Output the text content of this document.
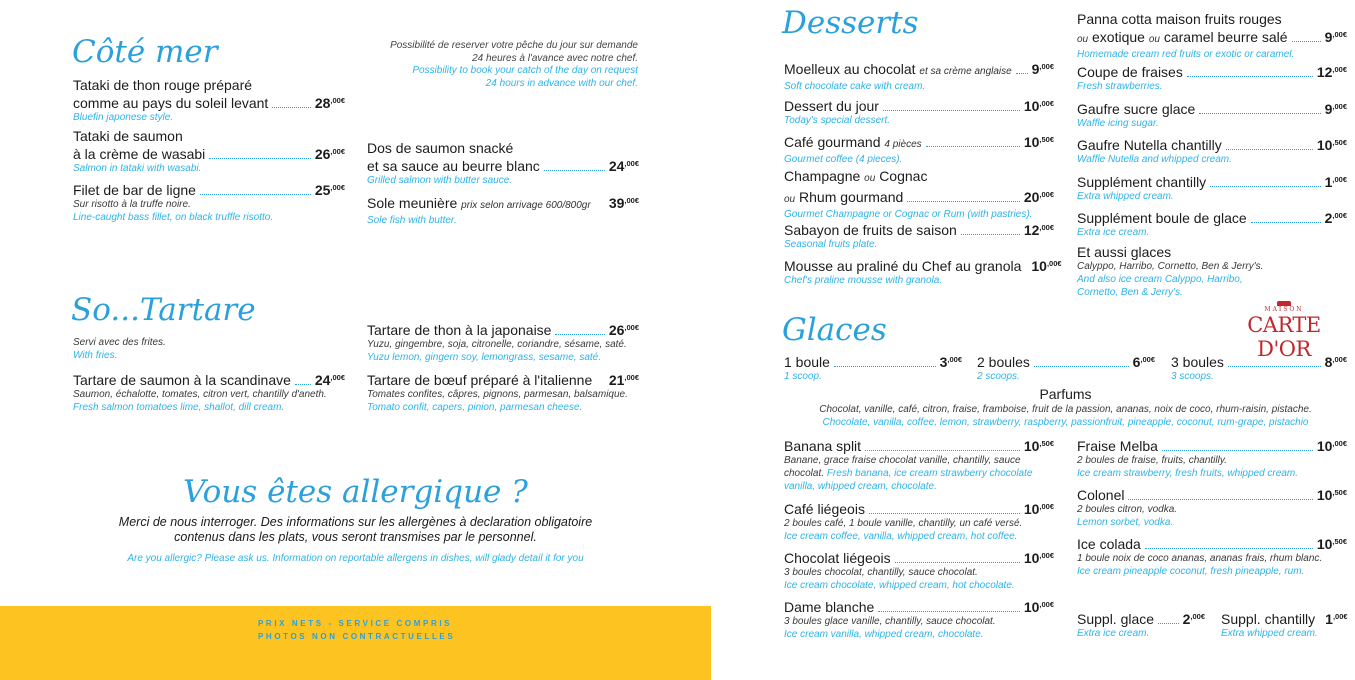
Côté mer	Possibilité de reserver votre pêche du jour sur demande
24 heures à l'avance avec notre chef.
Possibility to book your catch of the day on request
24 hours in advance with our chef.
Tataki de thon rouge préparé
comme au pays du soleil levant	$28^{,00€}$
Bluefin japonese style.
Tataki de saumon
à la crème de wasabi	$26^{,00€}$
Salmon in tataki with wasabi.
Filet de bar de ligne	$25^{,00€}$
Sur risotto à la truffe noire.
Line-caught bass fillet, on black truffle risotto.
Dos de saumon snacké
et sa sauce au beurre blanc	$24^{,00€}$
Grilled salmon with butter sauce.
Sole meunière prix selon arrivage 600/800gr $39^{,00€}$
Sole fish with butter.
So...Tartare
Servi avec des frites.
With fries.
Tartare de saumon à la scandinave $24^{,00€}$
Saumon, échalotte, tomates, citron vert, chantilly d'aneth.
Fresh salmon tomatoes lime, shallot, dill cream.
Tartare de thon à la japonaise	$26^{,00€}$
Yuzu, gingembre, soja, citronelle, coriandre, sésame, saté.
Yuzu lemon, gingern soy, lemongrass, sesame, saté.
Tartare de bœuf préparé à l'italienne $21^{,00€}$
Tomates confites, câpres, pignons, parmesan, balsamique.
Tomato confit, capers, pinion, parmesan cheese.
Vous êtes allergique ?
Merci de nous interroger. Des informations sur les allergènes à declaration obligatoire
contenus dans les plats, vous seront transmises par le personnel.
Are you allergic? Please ask us. Information on reportable allergens in dishes, will glady detail it for you
PRIX NETS - SERVICE COMPRIS
PHOTOS NON CONTRACTUELLES
Desserts
Moelleux au chocolat et sa crème anglaise $9^{,00€}$
Soft chocolate cake with cream.
Dessert du jour	$10^{,00€}$
Today's special dessert.
Café gourmand 4 pièces	$10^{,50€}$
Gourmet coffee (4 pieces).
Champagne ou Cognac
ou Rhum gourmand	$20^{,00€}$
Gourmet Champagne or Cognac or Rum (with pastries).
Sabayon de fruits de saison	$12^{,00€}$
Seasonal fruits plate.
Mousse au praliné du Chef au granola $10^{,00€}$
Chef's praline mousse with granola.
Panna cotta maison fruits rouges
ou exotique ou caramel beurre salé	$9^{,00€}$
Homemade cream red fruits or exotic or caramel.
Coupe de fraises	$12^{,00€}$
Fresh strawberries.
Gaufre sucre glace	$9^{,00€}$
Waffle icing sugar.
Gaufre Nutella chantilly	$10^{,50€}$
Waffle Nutella and whipped cream.
Supplément chantilly	$1^{,00€}$
Extra whipped cream.
Supplément boule de glace	$2^{,00€}$
Extra ice cream.
Et aussi glaces
Calyppo, Harribo, Cornetto, Ben & Jerry's.
And also ice cream Calyppo, Harribo,
Cornetto, Ben & Jerry's.
Glaces
MAISON
CARTE D'OR
1 boule	$3^{,00€}$
1 scoop.
2 boules	$6^{,00€}$
2 scoops.
3 boules	$8^{,00€}$
3 scoops.
Parfums
Chocolat, vanille, café, citron, fraise, framboise, fruit de la passion, ananas, noix de coco, rhum-raisin, pistache.
Chocolate, vanilla, coffee, lemon, strawberry, raspberry, passionfruit, pineapple, coconut, rum-grape, pistachio
Banana split	$10^{,50€}$
Banane, grace fraise chocolat vanille, chantilly, sauce
chocolat. Fresh banana, ice cream strawberry chocolate
vanilla, whipped cream, chocolate.
Café liégeois	$10^{,00€}$
2 boules café, 1 boule vanille, chantilly, un café versé.
Ice cream coffee, vanilla, whipped cream, hot coffee.
Chocolat liégeois	$10^{,00€}$
3 boules chocolat, chantilly, sauce chocolat.
Ice cream chocolate, whipped cream, hot chocolate.
Dame blanche	$10^{,00€}$
3 boules glace vanille, chantilly, sauce chocolat.
Ice cream vanilla, whipped cream, chocolate.
Fraise Melba	$10^{,00€}$
2 boules de fraise, fruits, chantilly.
Ice cream strawberry, fresh fruits, whipped cream.
Colonel	$10^{,50€}$
2 boules citron, vodka.
Lemon sorbet, vodka.
Ice colada	$10^{,50€}$
1 boule noix de coco ananas, ananas frais, rhum blanc.
Ice cream pineapple coconut, fresh pineapple, rum.
Suppl. glace $2^{,00€}$
Extra ice cream.
Suppl. chantilly $1^{,00€}$
Extra whipped cream.
